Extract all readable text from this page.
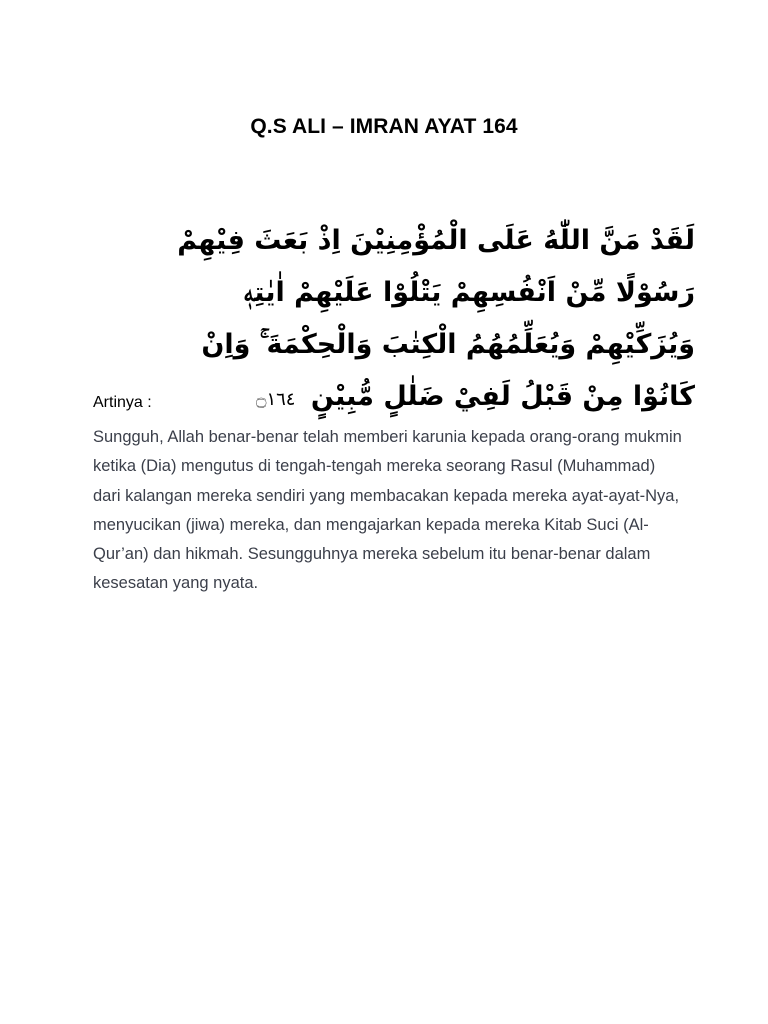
Q.S ALI – IMRAN AYAT 164
لَقَدْ مَنَّ اللّٰهُ عَلَى الْمُؤْمِنِيْنَ اِذْ بَعَثَ فِيْهِمْ رَسُوْلًا مِّنْ اَنْفُسِهِمْ يَتْلُوْا عَلَيْهِمْ اٰيٰتِهٖ وَيُزَكِّيْهِمْ وَيُعَلِّمُهُمُ الْكِتٰبَ وَالْحِكْمَةَ ۚ وَاِنْ كَانُوْا مِنْ قَبْلُ لَفِيْ ضَلٰلٍ مُّبِيْنٍ ۝١٦٤
Artinya :
Sungguh, Allah benar-benar telah memberi karunia kepada orang-orang mukmin ketika (Dia) mengutus di tengah-tengah mereka seorang Rasul (Muhammad) dari kalangan mereka sendiri yang membacakan kepada mereka ayat-ayat-Nya, menyucikan (jiwa) mereka, dan mengajarkan kepada mereka Kitab Suci (Al-Qur’an) dan hikmah. Sesungguhnya mereka sebelum itu benar-benar dalam kesesatan yang nyata.
